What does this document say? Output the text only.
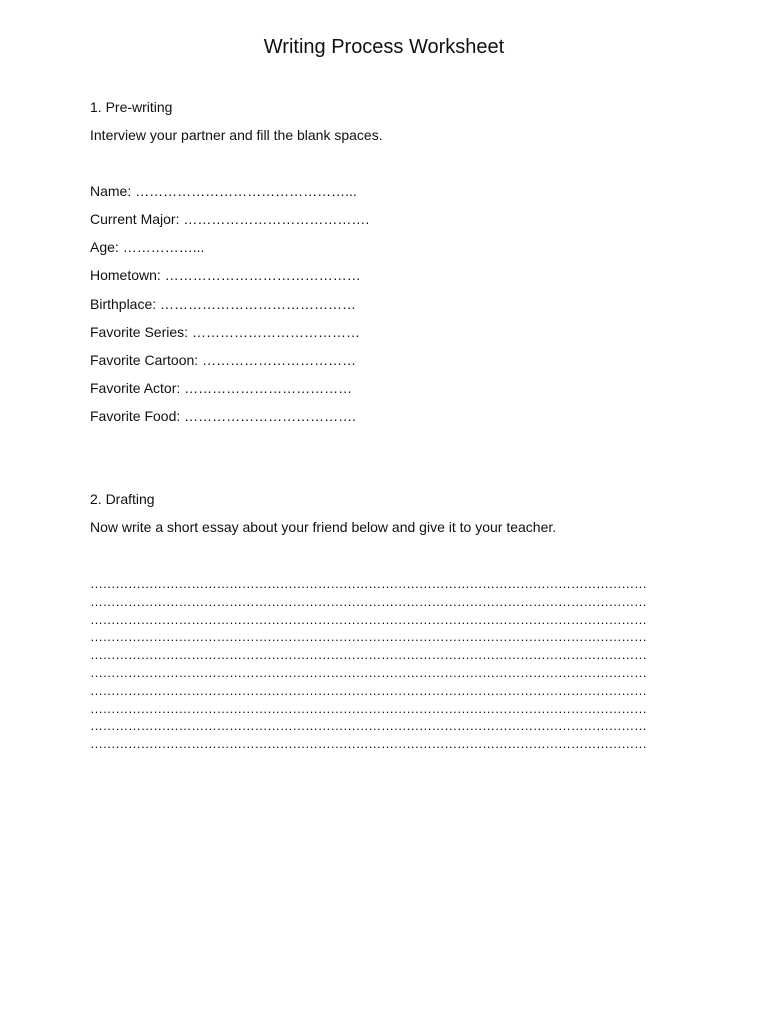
Writing Process Worksheet
1. Pre-writing
Interview your partner and fill the blank spaces.
Name: ………………………………………...
Current Major: ………………………………….
Age: ……………...
Hometown: ……………………………………
Birthplace: ……………………………………
Favorite Series: ………………………………
Favorite Cartoon: ……………………………
Favorite Actor: ………………………………
Favorite Food: ……………………………….
2. Drafting
Now write a short essay about your friend below and give it to your teacher.
……………………………………………………………………………………………………………………
……………………………………………………………………………………………………………………
……………………………………………………………………………………………………………………
……………………………………………………………………………………………………………………
……………………………………………………………………………………………………………………
……………………………………………………………………………………………………………………
……………………………………………………………………………………………………………………
……………………………………………………………………………………………………………………
……………………………………………………………………………………………………………………
……………………………………………………………………………………………………………………
